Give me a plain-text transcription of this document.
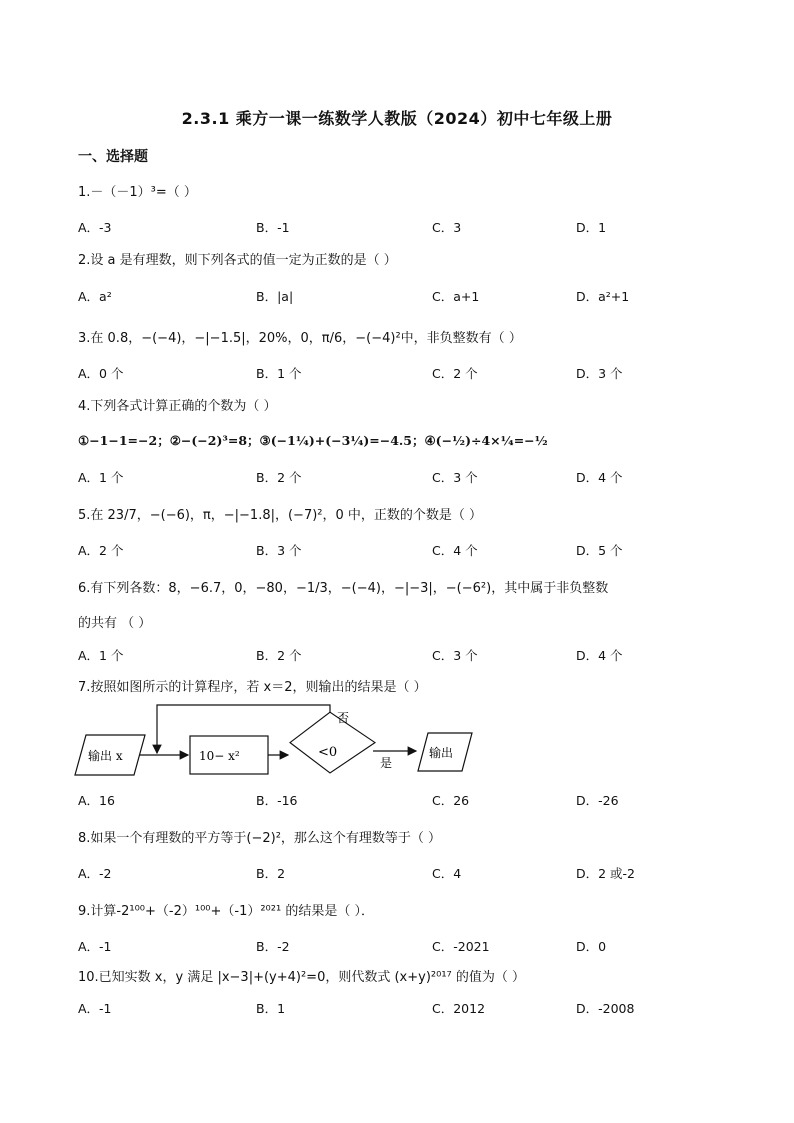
2.3.1 乘方一课一练数学人教版（2024）初中七年级上册
一、选择题
1.－（－1）³=（ ）
A．-3	B．-1	C．3	D．1
2.设 a 是有理数，则下列各式的值一定为正数的是（ ）
A．a²	B．|a|	C．a+1	D．a²+1
3.在 0.8，−(−4)，−|−1.5|，20%，0，π/6，−(−4)²中，非负整数有（ ）
A．0 个	B．1 个	C．2 个	D．3 个
4.下列各式计算正确的个数为（ ）
①−1−1=−2；②−(−2)³=8；③(−1¼)+(−3¼)=−4.5；④(−½)÷4×¼=−½
A．1 个	B．2 个	C．3 个	D．4 个
5.在 23/7，−(−6)，π，−|−1.8|，(−7)²，0 中，正数的个数是（ ）
A．2 个	B．3 个	C．4 个	D．5 个
6.有下列各数：8，−6.7，0，−80，−1/3，−(−4)，−|−3|，−(−6²)，其中属于非负整数
的共有 （ ）
A．1 个	B．2 个	C．3 个	D．4 个
7.按照如图所示的计算程序，若 x＝2，则输出的结果是（ ）
输出 x	10− x²	<0
否
是
输出
A．16	B．-16	C．26	D．-26
8.如果一个有理数的平方等于(−2)²，那么这个有理数等于（ ）
A．-2	B．2	C．4	D．2 或-2
9.计算-2¹⁰⁰+（-2）¹⁰⁰+（-1）²⁰²¹ 的结果是（ ）．
A．-1	B．-2	C．-2021	D．0
10.已知实数 x，y 满足 |x−3|+(y+4)²=0，则代数式 (x+y)²⁰¹⁷ 的值为（ ）
A．-1	B．1	C．2012	D．-2008
